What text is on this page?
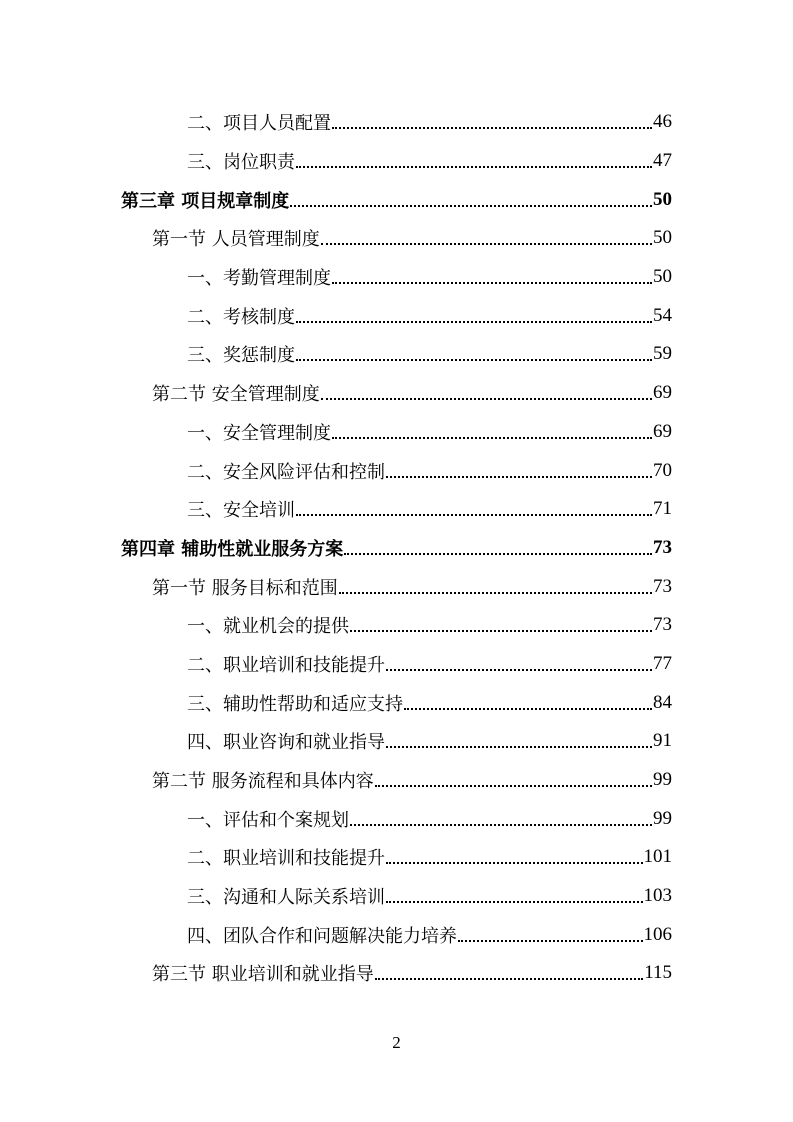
二、项目人员配置	46
三、岗位职责	47
第三章 项目规章制度	50
第一节 人员管理制度	50
一、考勤管理制度	50
二、考核制度	54
三、奖惩制度	59
第二节 安全管理制度	69
一、安全管理制度	69
二、安全风险评估和控制	70
三、安全培训	71
第四章 辅助性就业服务方案	73
第一节 服务目标和范围	73
一、就业机会的提供	73
二、职业培训和技能提升	77
三、辅助性帮助和适应支持	84
四、职业咨询和就业指导	91
第二节 服务流程和具体内容	99
一、评估和个案规划	99
二、职业培训和技能提升	101
三、沟通和人际关系培训	103
四、团队合作和问题解决能力培养	106
第三节 职业培训和就业指导	115
2
